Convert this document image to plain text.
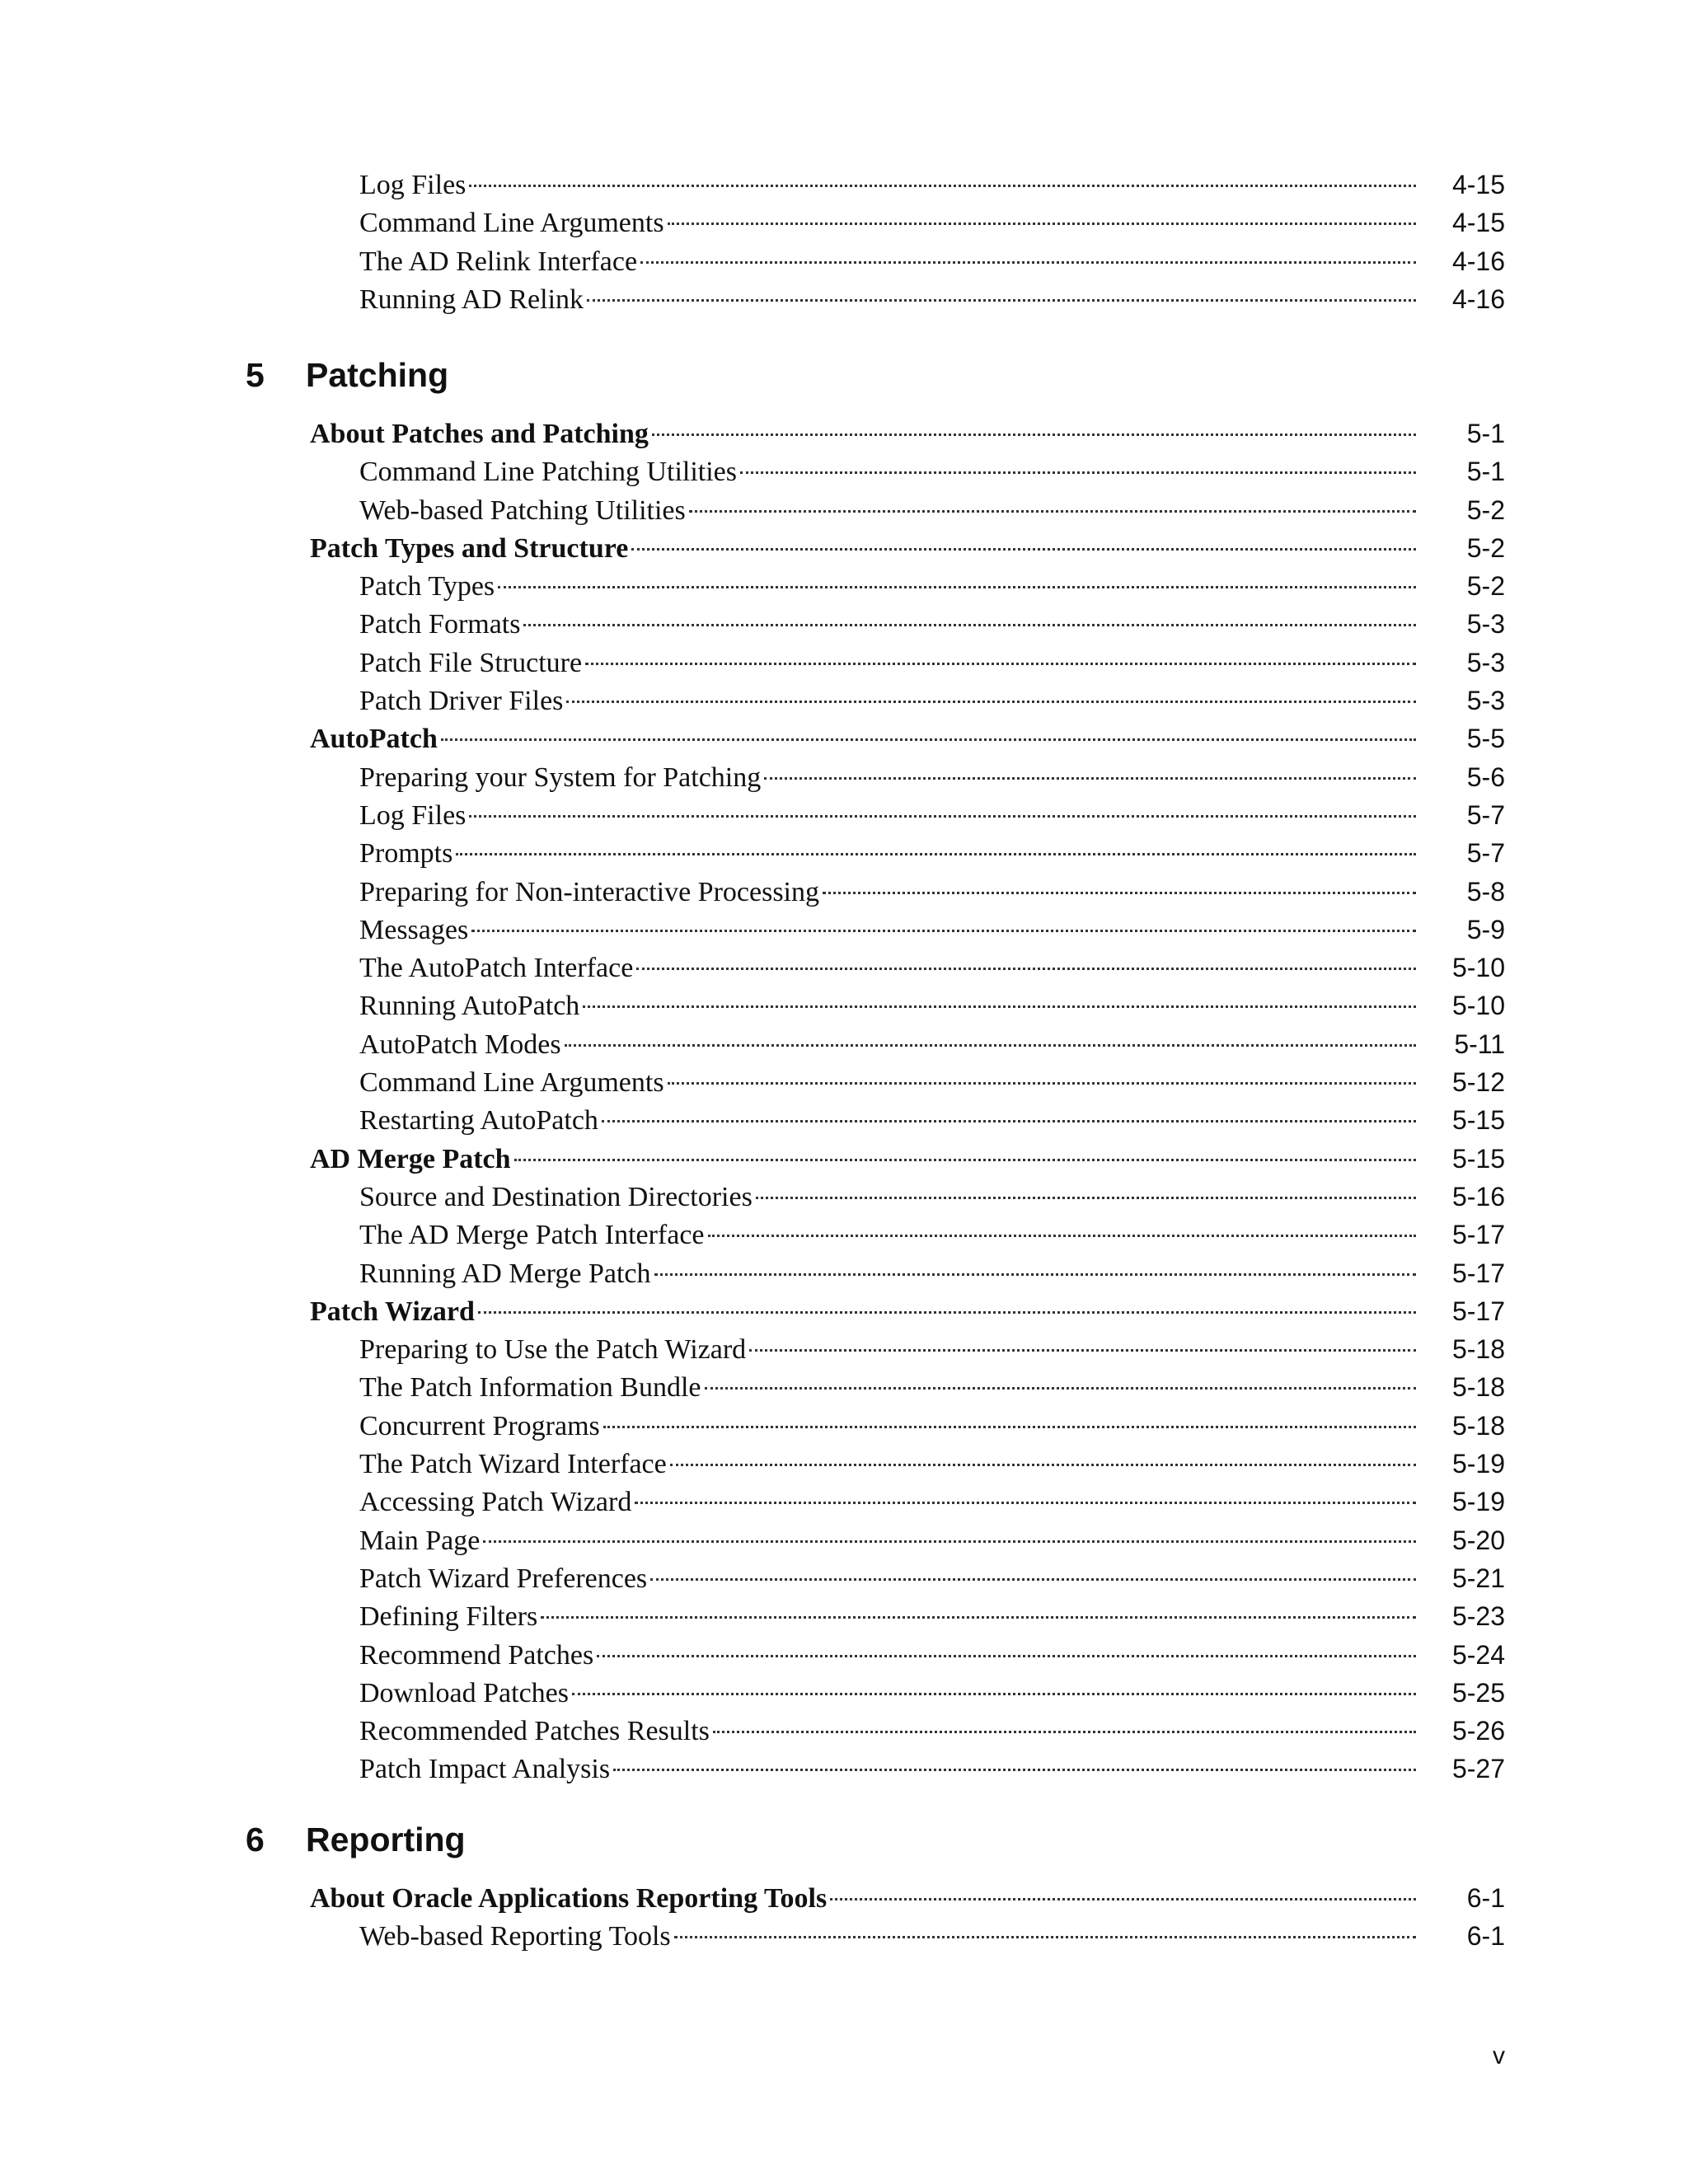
Log Files	4-15
Command Line Arguments	4-15
The AD Relink Interface	4-16
Running AD Relink	4-16
5 Patching
About Patches and Patching	5-1
Command Line Patching Utilities	5-1
Web-based Patching Utilities	5-2
Patch Types and Structure	5-2
Patch Types	5-2
Patch Formats	5-3
Patch File Structure	5-3
Patch Driver Files	5-3
AutoPatch	5-5
Preparing your System for Patching	5-6
Log Files	5-7
Prompts	5-7
Preparing for Non-interactive Processing	5-8
Messages	5-9
The AutoPatch Interface	5-10
Running AutoPatch	5-10
AutoPatch Modes	5-11
Command Line Arguments	5-12
Restarting AutoPatch	5-15
AD Merge Patch	5-15
Source and Destination Directories	5-16
The AD Merge Patch Interface	5-17
Running AD Merge Patch	5-17
Patch Wizard	5-17
Preparing to Use the Patch Wizard	5-18
The Patch Information Bundle	5-18
Concurrent Programs	5-18
The Patch Wizard Interface	5-19
Accessing Patch Wizard	5-19
Main Page	5-20
Patch Wizard Preferences	5-21
Defining Filters	5-23
Recommend Patches	5-24
Download Patches	5-25
Recommended Patches Results	5-26
Patch Impact Analysis	5-27
6 Reporting
About Oracle Applications Reporting Tools	6-1
Web-based Reporting Tools	6-1
v
